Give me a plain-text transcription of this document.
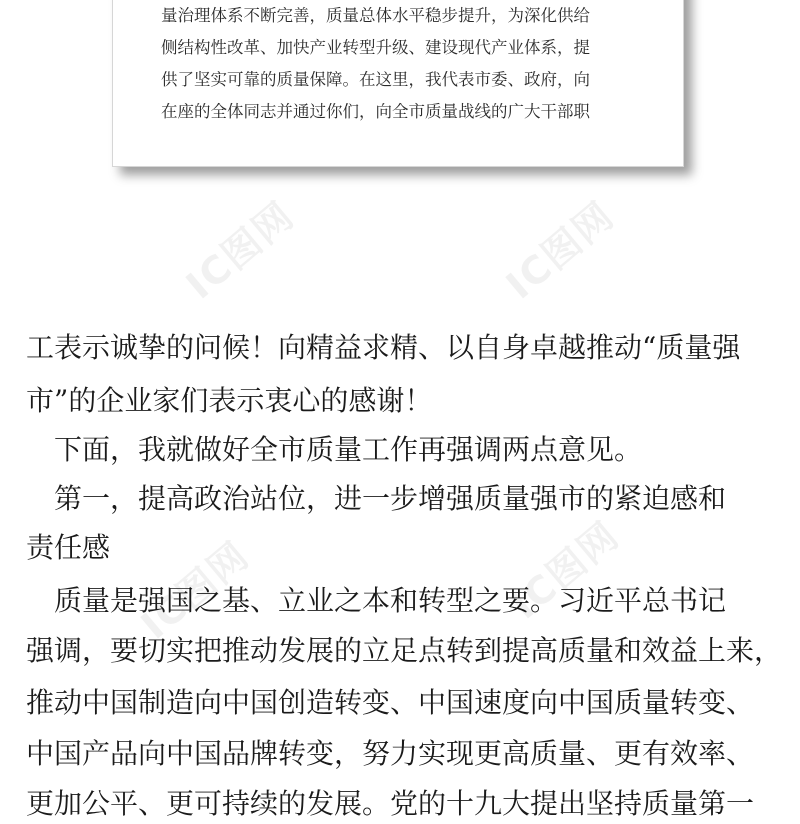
量治理体系不断完善，质量总体水平稳步提升，为深化供给
侧结构性改革、加快产业转型升级、建设现代产业体系，提
供了坚实可靠的质量保障。在这里，我代表市委、政府，向
在座的全体同志并通过你们，向全市质量战线的广大干部职
IC图网	IC图网
IC图网	IC图网
工表示诚挚的问候！向精益求精、以自身卓越推动“质量强
市”的企业家们表示衷心的感谢！
　下面，我就做好全市质量工作再强调两点意见。
　第一，提高政治站位，进一步增强质量强市的紧迫感和
责任感
　质量是强国之基、立业之本和转型之要。习近平总书记
强调，要切实把推动发展的立足点转到提高质量和效益上来，
推动中国制造向中国创造转变、中国速度向中国质量转变、
中国产品向中国品牌转变，努力实现更高质量、更有效率、
更加公平、更可持续的发展。党的十九大提出坚持质量第一
